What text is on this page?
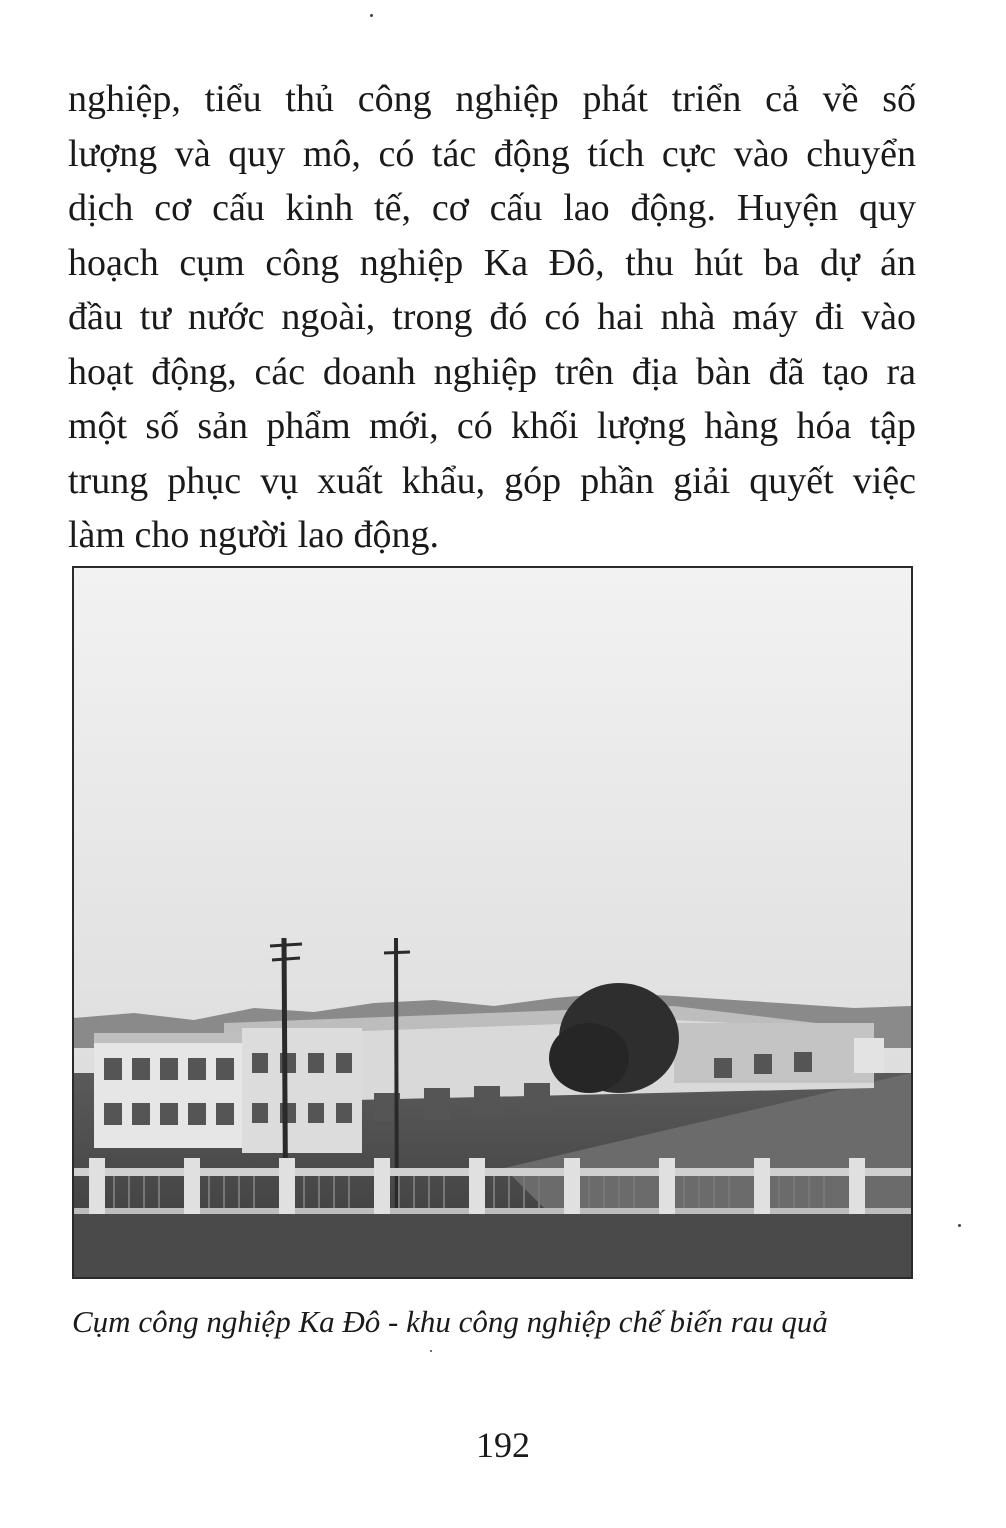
nghiệp, tiểu thủ công nghiệp phát triển cả về số
lượng và quy mô, có tác động tích cực vào chuyển
dịch cơ cấu kinh tế, cơ cấu lao động. Huyện quy
hoạch cụm công nghiệp Ka Đô, thu hút ba dự án
đầu tư nước ngoài, trong đó có hai nhà máy đi vào
hoạt động, các doanh nghiệp trên địa bàn đã tạo ra
một số sản phẩm mới, có khối lượng hàng hóa tập
trung phục vụ xuất khẩu, góp phần giải quyết việc
làm cho người lao động.
Cụm công nghiệp Ka Đô - khu công nghiệp chế biến rau quả
192
